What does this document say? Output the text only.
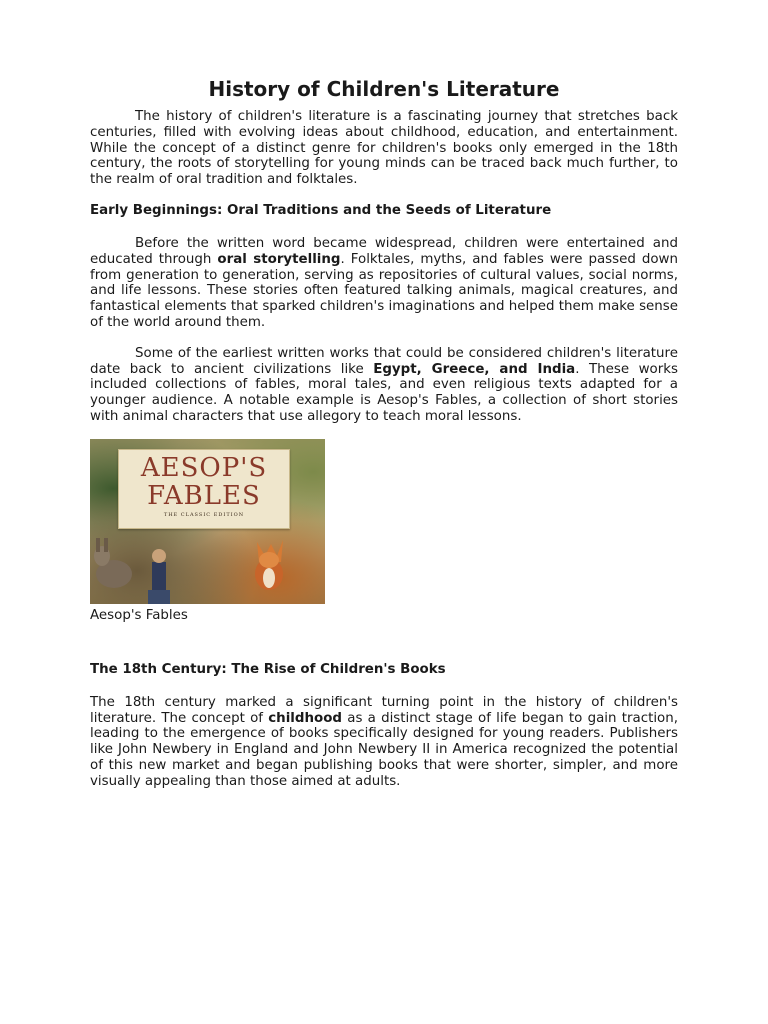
History of Children's Literature

The history of children's literature is a fascinating journey that stretches back centuries, filled with evolving ideas about childhood, education, and entertainment. While the concept of a distinct genre for children's books only emerged in the 18th century, the roots of storytelling for young minds can be traced back much further, to the realm of oral tradition and folktales.

Early Beginnings: Oral Traditions and the Seeds of Literature

Before the written word became widespread, children were entertained and educated through oral storytelling. Folktales, myths, and fables were passed down from generation to generation, serving as repositories of cultural values, social norms, and life lessons. These stories often featured talking animals, magical creatures, and fantastical elements that sparked children's imaginations and helped them make sense of the world around them.

Some of the earliest written works that could be considered children's literature date back to ancient civilizations like Egypt, Greece, and India. These works included collections of fables, moral tales, and even religious texts adapted for a younger audience. A notable example is Aesop's Fables, a collection of short stories with animal characters that use allegory to teach moral lessons.

AESOP'S
FABLES
THE CLASSIC EDITION
Aesop's Fables
The 18th Century: The Rise of Children's Books

The 18th century marked a significant turning point in the history of children's literature. The concept of childhood as a distinct stage of life began to gain traction, leading to the emergence of books specifically designed for young readers. Publishers like John Newbery in England and John Newbery II in America recognized the potential of this new market and began publishing books that were shorter, simpler, and more visually appealing than those aimed at adults.
